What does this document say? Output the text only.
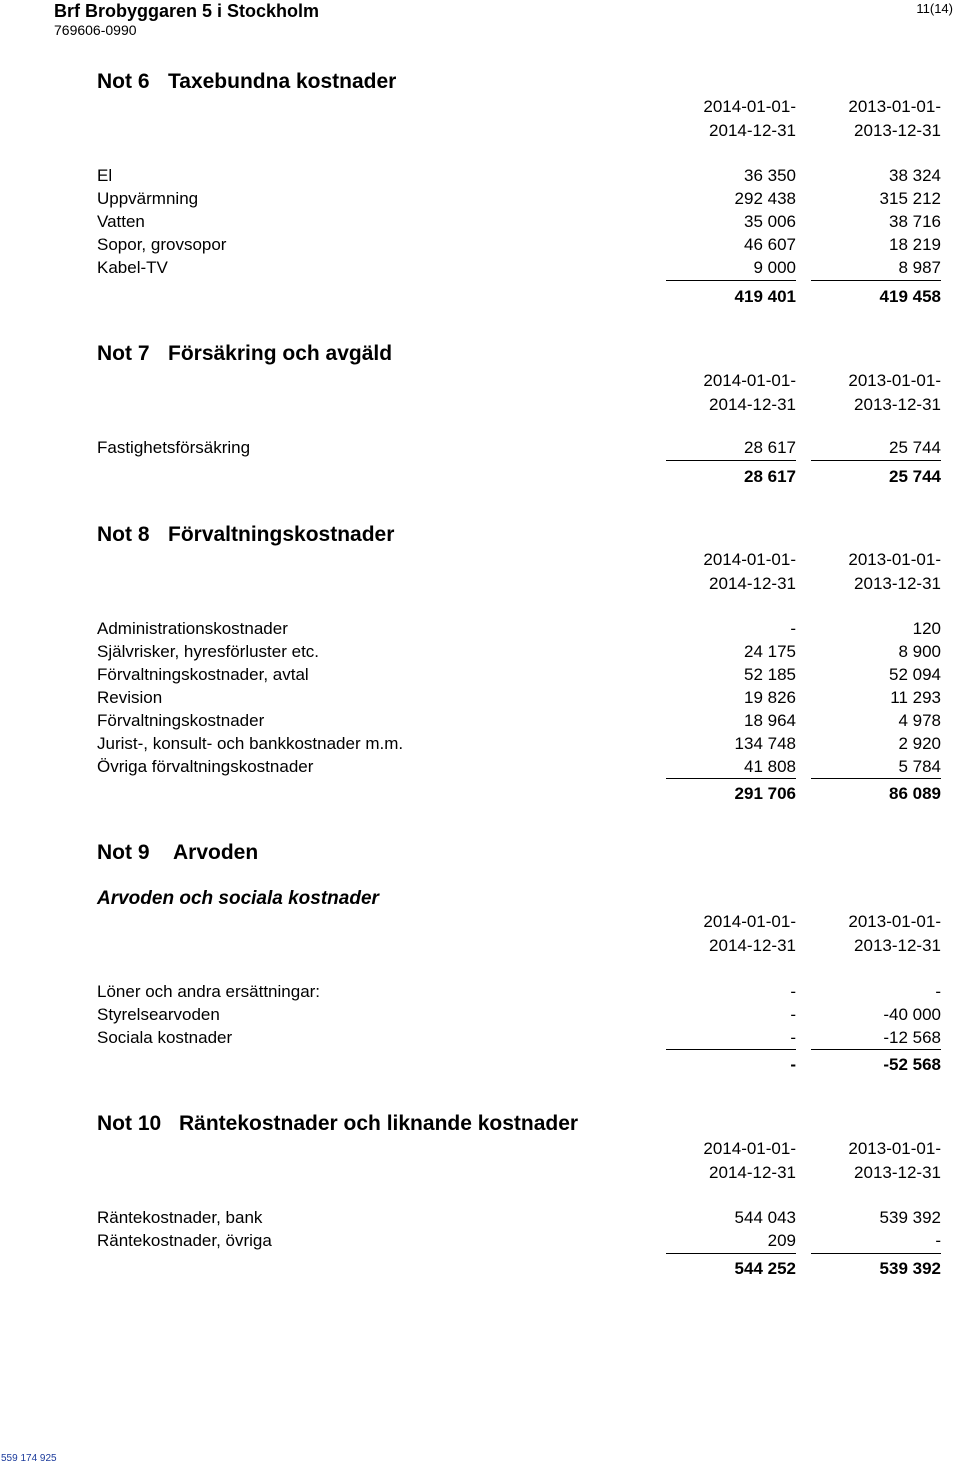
Brf Brobyggaren 5 i Stockholm
769606-0990
11(14)
Not 6 Taxebundna kostnader
2014-01-01-
2014-12-31
2013-01-01-
2013-12-31
El	36 350	38 324
Uppvärmning	292 438	315 212
Vatten	35 006	38 716
Sopor, grovsopor	46 607	18 219
Kabel-TV	9 000	8 987
419 401	419 458
Not 7 Försäkring och avgäld
2014-01-01-
2014-12-31
2013-01-01-
2013-12-31
Fastighetsförsäkring	28 617	25 744
28 617	25 744
Not 8 Förvaltningskostnader
2014-01-01-
2014-12-31
2013-01-01-
2013-12-31
Administrationskostnader	-	120
Självrisker, hyresförluster etc.	24 175	8 900
Förvaltningskostnader, avtal	52 185	52 094
Revision	19 826	11 293
Förvaltningskostnader	18 964	4 978
Jurist-, konsult- och bankkostnader m.m.	134 748	2 920
Övriga förvaltningskostnader	41 808	5 784
291 706	86 089
Not 9 Arvoden
Arvoden och sociala kostnader
2014-01-01-
2014-12-31
2013-01-01-
2013-12-31
Löner och andra ersättningar:	-	-
Styrelsearvoden	-	-40 000
Sociala kostnader	-	-12 568
-	-52 568
Not 10 Räntekostnader och liknande kostnader
2014-01-01-
2014-12-31
2013-01-01-
2013-12-31
Räntekostnader, bank	544 043	539 392
Räntekostnader, övriga	209	-
544 252	539 392
559 174 925
